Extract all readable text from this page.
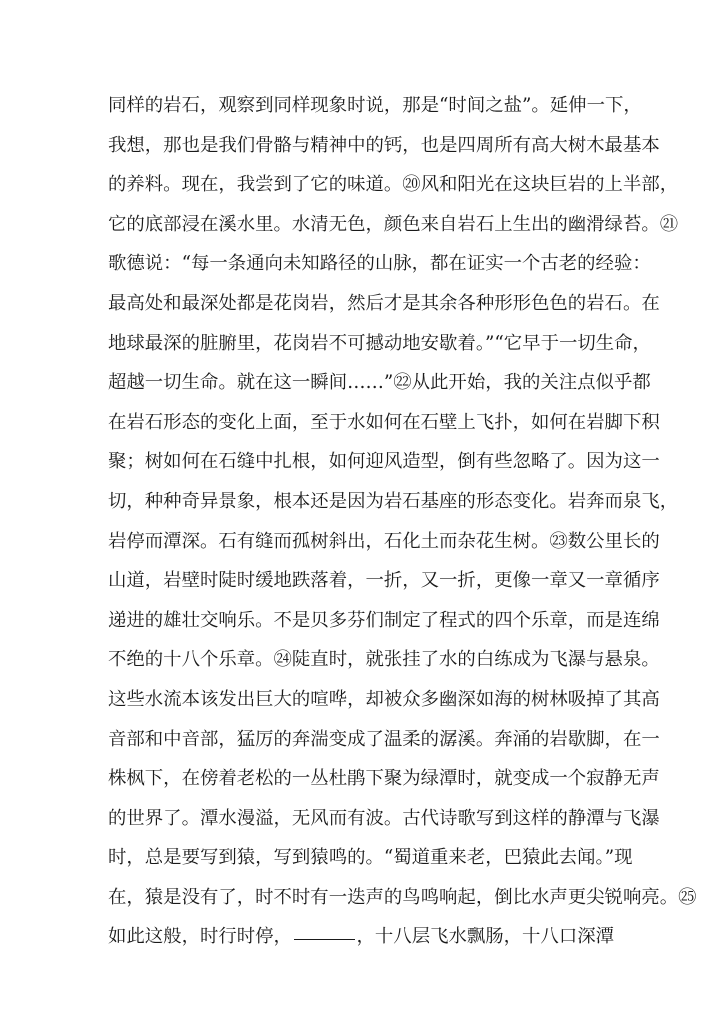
同样的岩石，观察到同样现象时说，那是“时间之盐”。延伸一下，
我想，那也是我们骨骼与精神中的钙，也是四周所有高大树木最基本
的养料。现在，我尝到了它的味道。⑳风和阳光在这块巨岩的上半部，
它的底部浸在溪水里。水清无色，颜色来自岩石上生出的幽滑绿苔。㉑
歌德说：“每一条通向未知路径的山脉，都在证实一个古老的经验：
最高处和最深处都是花岗岩，然后才是其余各种形形色色的岩石。在
地球最深的脏腑里，花岗岩不可撼动地安歇着。”“它早于一切生命，
超越一切生命。就在这一瞬间……”㉒从此开始，我的关注点似乎都
在岩石形态的变化上面，至于水如何在石壁上飞扑，如何在岩脚下积
聚；树如何在石缝中扎根，如何迎风造型，倒有些忽略了。因为这一
切，种种奇异景象，根本还是因为岩石基座的形态变化。岩奔而泉飞，
岩停而潭深。石有缝而孤树斜出，石化土而杂花生树。㉓数公里长的
山道，岩壁时陡时缓地跌落着，一折，又一折，更像一章又一章循序
递进的雄壮交响乐。不是贝多芬们制定了程式的四个乐章，而是连绵
不绝的十八个乐章。㉔陡直时，就张挂了水的白练成为飞瀑与悬泉。
这些水流本该发出巨大的喧哗，却被众多幽深如海的树林吸掉了其高
音部和中音部，猛厉的奔湍变成了温柔的潺溪。奔涌的岩歇脚，在一
株枫下，在傍着老松的一丛杜鹃下聚为绿潭时，就变成一个寂静无声
的世界了。潭水漫溢，无风而有波。古代诗歌写到这样的静潭与飞瀑
时，总是要写到猿，写到猿鸣的。“蜀道重来老，巴猿此去闻。”现
在，猿是没有了，时不时有一迭声的鸟鸣响起，倒比水声更尖锐响亮。㉕
如此这般，时行时停，	，十八层飞水飘肠，十八口深潭
